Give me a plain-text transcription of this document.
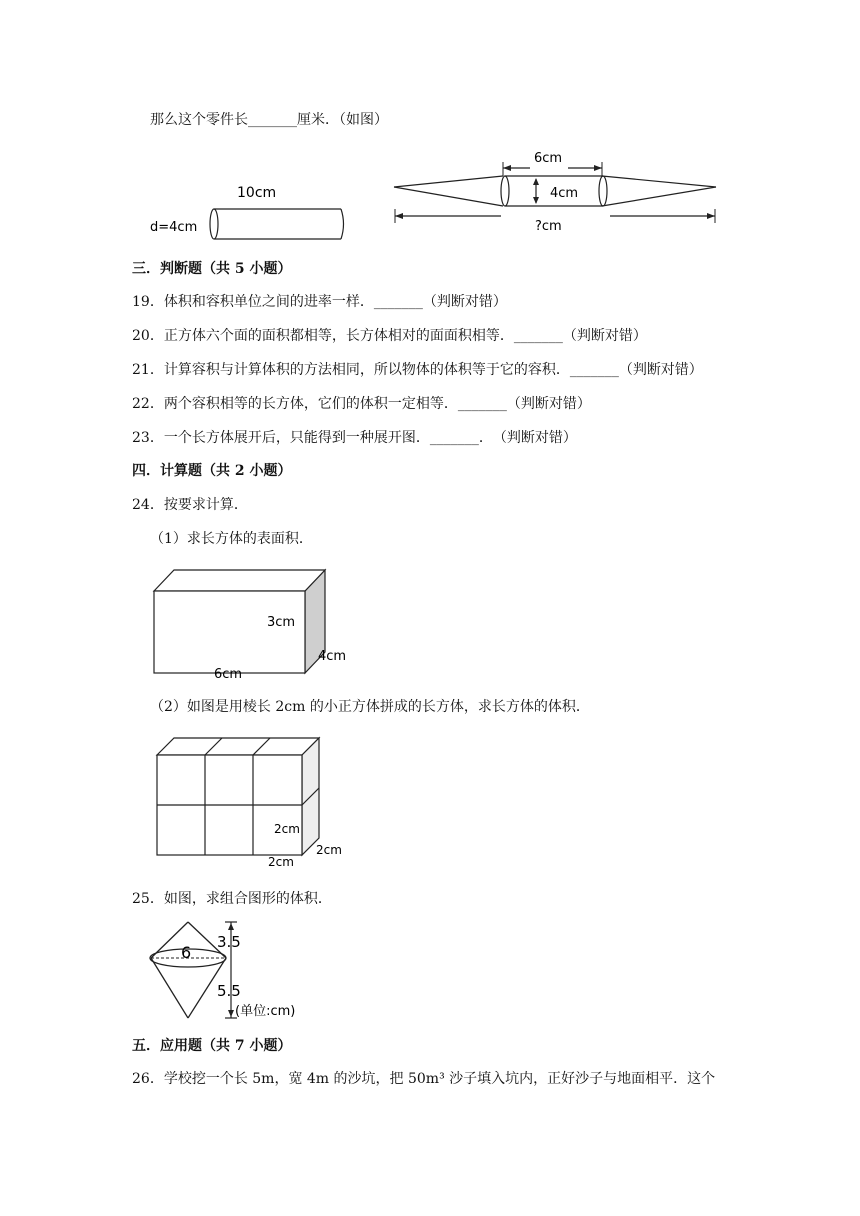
那么这个零件长_______厘米．（如图）
10cm
d=4cm
6cm
4cm
?cm
三．判断题（共 5 小题）
19．体积和容积单位之间的进率一样．_______（判断对错）
20．正方体六个面的面积都相等，长方体相对的面面积相等．_______（判断对错）
21．计算容积与计算体积的方法相同，所以物体的体积等于它的容积．_______（判断对错）
22．两个容积相等的长方体，它们的体积一定相等．_______（判断对错）
23．一个长方体展开后，只能得到一种展开图．_______．　（判断对错）
四．计算题（共 2 小题）
24．按要求计算．
（1）求长方体的表面积．
3cm
6cm
4cm
（2）如图是用棱长 2cm 的小正方体拼成的长方体，求长方体的体积．
2cm
2cm
2cm
25．如图，求组合图形的体积．
6
3.5
5.5
(单位:cm)
五．应用题（共 7 小题）
26．学校挖一个长 5m，宽 4m 的沙坑，把 50m³ 沙子填入坑内，正好沙子与地面相平．这个
